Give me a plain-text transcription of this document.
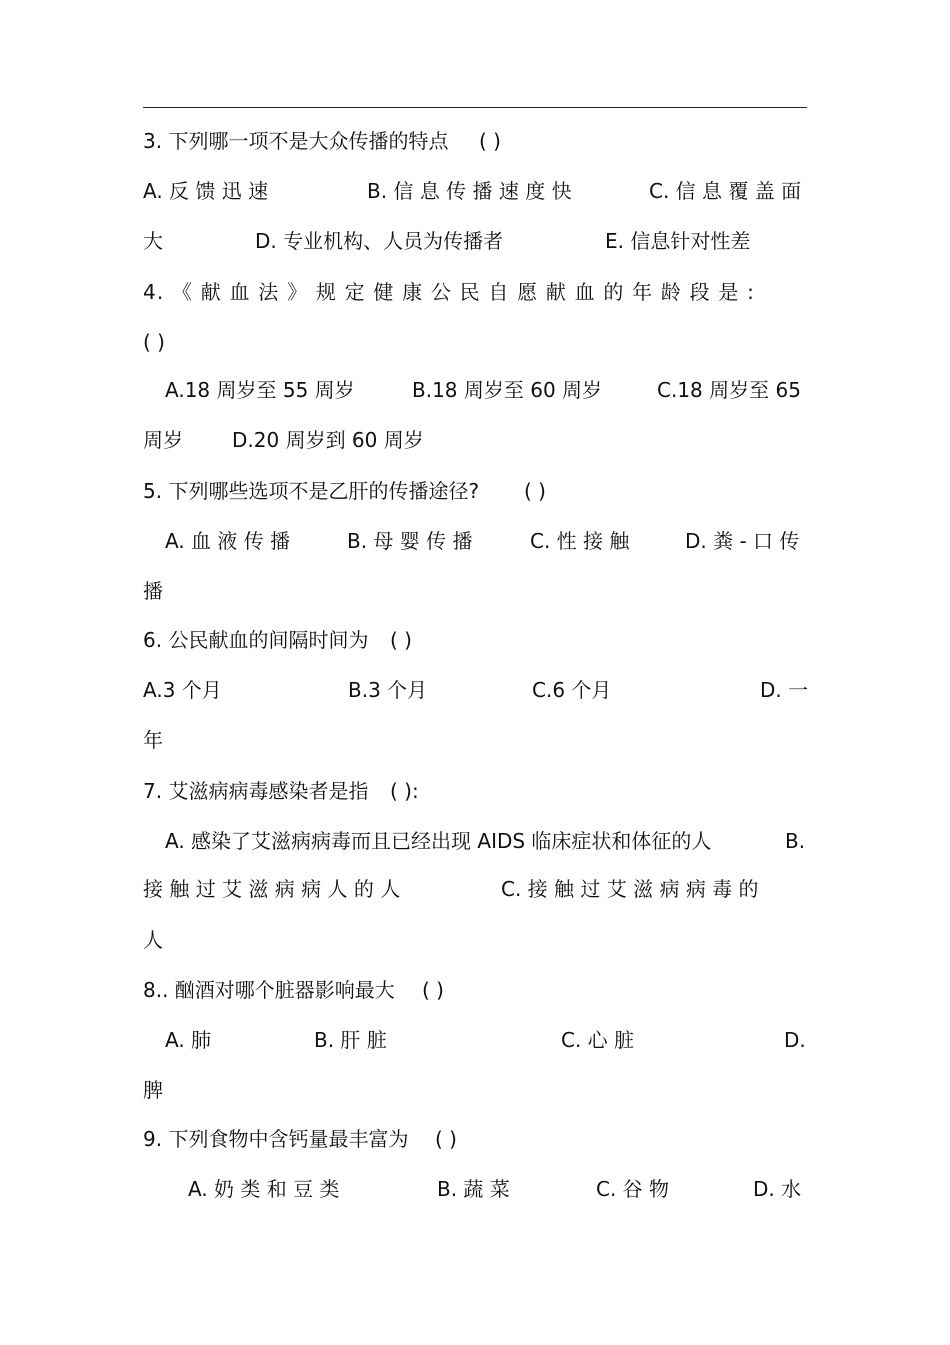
3. 下列哪一项不是大众传播的特点 ( )
A. 反 馈 迅 速	B. 信 息 传 播 速 度 快	C. 信 息 覆 盖 面
大	D. 专业机构、人员为传播者	E. 信息针对性差
4. 《 献 血 法 》 规 定 健 康 公 民 自 愿 献 血 的 年 龄 段 是 :
( )
A.18 周岁至 55 周岁	B.18 周岁至 60 周岁	C.18 周岁至 65
周岁 D.20 周岁到 60 周岁
5. 下列哪些选项不是乙肝的传播途径? ( )
A. 血 液 传 播	B. 母 婴 传 播	C. 性 接 触	D. 粪 - 口 传
播
6. 公民献血的间隔时间为 ( )
A.3 个月	B.3 个月	C.6 个月	D. 一
年
7. 艾滋病病毒感染者是指 ( ):
A. 感染了艾滋病病毒而且已经出现 AIDS 临床症状和体征的人	B.
接 触 过 艾 滋 病 病 人 的 人	C. 接 触 过 艾 滋 病 病 毒 的
人
8.. 酗酒对哪个脏器影响最大 ( )
A. 肺	B. 肝 脏	C. 心 脏	D.
脾
9. 下列食物中含钙量最丰富为 ( )
A. 奶 类 和 豆 类	B. 蔬 菜	C. 谷 物	D. 水
